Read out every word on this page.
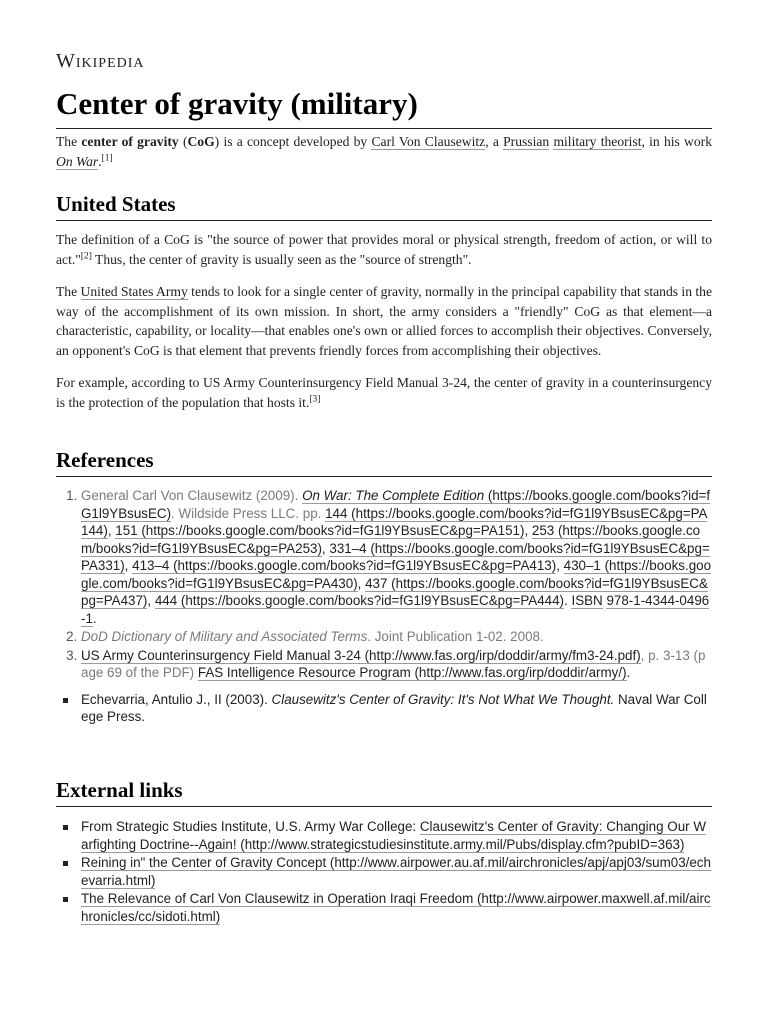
Wikipedia
Center of gravity (military)

The center of gravity (CoG) is a concept developed by Carl Von Clausewitz, a Prussian military theorist, in his work On War.[1]

United States

The definition of a CoG is "the source of power that provides moral or physical strength, freedom of action, or will to act."[2] Thus, the center of gravity is usually seen as the "source of strength".

The United States Army tends to look for a single center of gravity, normally in the principal capability that stands in the way of the accomplishment of its own mission. In short, the army considers a "friendly" CoG as that element—a characteristic, capability, or locality—that enables one's own or allied forces to accomplish their objectives. Conversely, an opponent's CoG is that element that prevents friendly forces from accomplishing their objectives.

For example, according to US Army Counterinsurgency Field Manual 3-24, the center of gravity in a counterinsurgency is the protection of the population that hosts it.[3]

References
1. General Carl Von Clausewitz (2009). On War: The Complete Edition (https://books.google.com/books?id=fG1l9YBsusEC). Wildside Press LLC. pp. 144 (https://books.google.com/books?id=fG1l9YBsusEC&pg=PA144), 151 (https://books.google.com/books?id=fG1l9YBsusEC&pg=PA151), 253 (https://books.google.com/books?id=fG1l9YBsusEC&pg=PA253), 331–4 (https://books.google.com/books?id=fG1l9YBsusEC&pg=PA331), 413–4 (https://books.google.com/books?id=fG1l9YBsusEC&pg=PA413), 430–1 (https://books.google.com/books?id=fG1l9YBsusEC&pg=PA430), 437 (https://books.google.com/books?id=fG1l9YBsusEC&pg=PA437), 444 (https://books.google.com/books?id=fG1l9YBsusEC&pg=PA444). ISBN 978-1-4344-0496-1.
2. DoD Dictionary of Military and Associated Terms. Joint Publication 1-02. 2008.
3. US Army Counterinsurgency Field Manual 3-24 (http://www.fas.org/irp/doddir/army/fm3-24.pdf), p. 3-13 (page 69 of the PDF) FAS Intelligence Resource Program (http://www.fas.org/irp/doddir/army/).
Echevarria, Antulio J., II (2003). Clausewitz's Center of Gravity: It's Not What We Thought. Naval War College Press.
External links
From Strategic Studies Institute, U.S. Army War College: Clausewitz's Center of Gravity: Changing Our Warfighting Doctrine--Again! (http://www.strategicstudiesinstitute.army.mil/Pubs/display.cfm?pubID=363)
Reining in" the Center of Gravity Concept (http://www.airpower.au.af.mil/airchronicles/apj/apj03/sum03/echevarria.html)
The Relevance of Carl Von Clausewitz in Operation Iraqi Freedom (http://www.airpower.maxwell.af.mil/airchronicles/cc/sidoti.html)
